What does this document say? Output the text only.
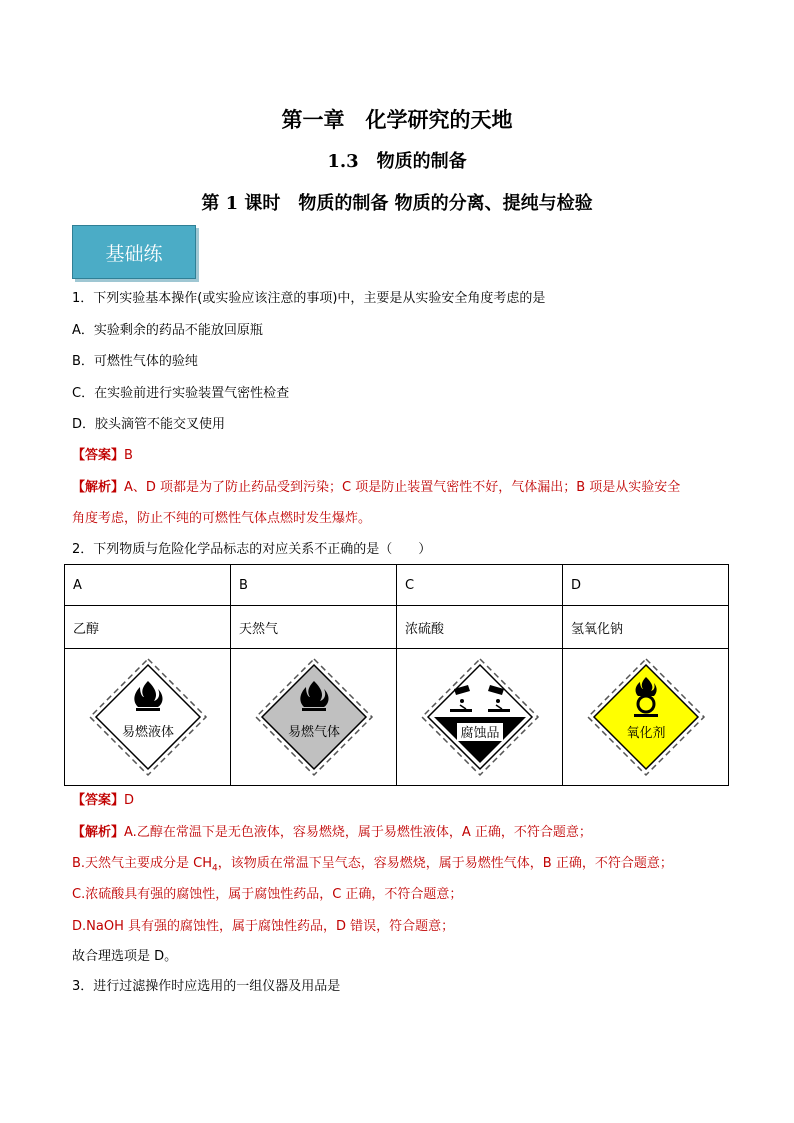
第一章　化学研究的天地
1.3　物质的制备
第 1 课时　物质的制备 物质的分离、提纯与检验
基础练
1．下列实验基本操作(或实验应该注意的事项)中，主要是从实验安全角度考虑的是
A．实验剩余的药品不能放回原瓶
B．可燃性气体的验纯
C．在实验前进行实验装置气密性检查
D．胶头滴管不能交叉使用
【答案】B
【解析】A、D 项都是为了防止药品受到污染；C 项是防止装置气密性不好，气体漏出；B 项是从实验安全
角度考虑，防止不纯的可燃性气体点燃时发生爆炸。
2．下列物质与危险化学品标志的对应关系不正确的是（　　）
A	B	C	D
乙醇	天然气	浓硫酸	氢氧化钠

易燃液体	易燃气体	腐蚀品	氧化剂
【答案】D
【解析】A.乙醇在常温下是无色液体，容易燃烧，属于易燃性液体，A 正确，不符合题意；
B.天然气主要成分是 $CH_4$，该物质在常温下呈气态，容易燃烧，属于易燃性气体，B 正确，不符合题意；
C.浓硫酸具有强的腐蚀性，属于腐蚀性药品，C 正确，不符合题意；
D.NaOH 具有强的腐蚀性，属于腐蚀性药品，D 错误，符合题意；
故合理选项是 D。
3．进行过滤操作时应选用的一组仪器及用品是
